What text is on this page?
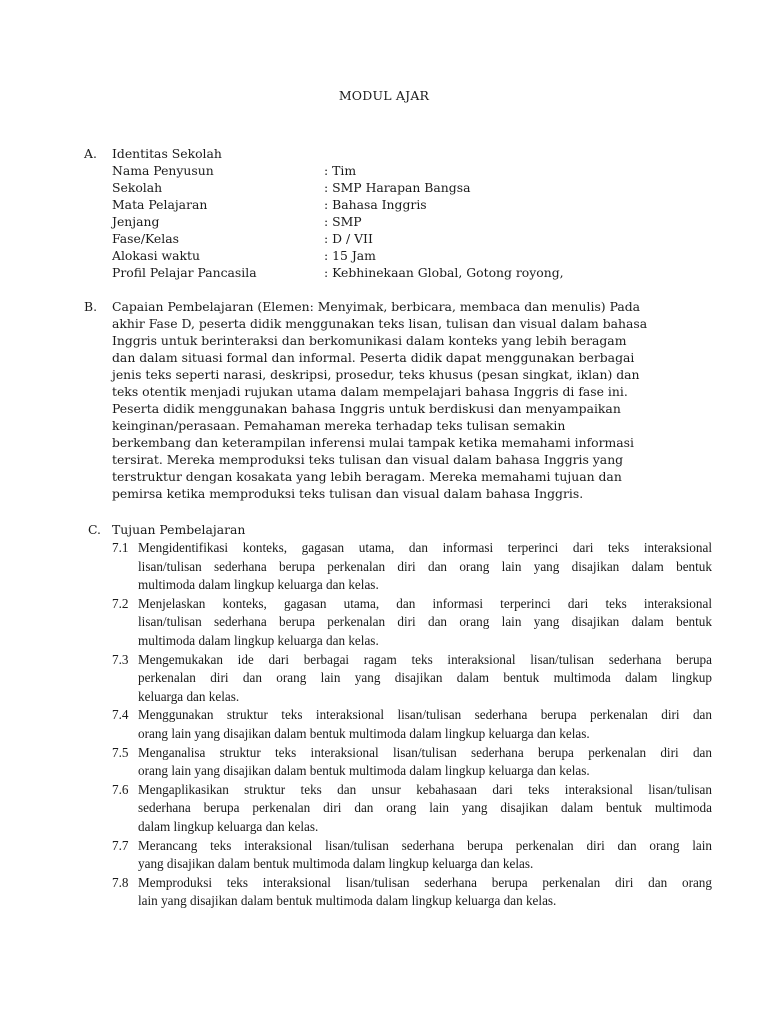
MODUL AJAR
A.	Identitas Sekolah
Nama Penyusun	: Tim
Sekolah	: SMP Harapan Bangsa
Mata Pelajaran	: Bahasa Inggris
Jenjang	: SMP
Fase/Kelas	: D / VII
Alokasi waktu	: 15 Jam
Profil Pelajar Pancasila	: Kebhinekaan Global, Gotong royong,
B.	Capaian Pembelajaran (Elemen: Menyimak, berbicara, membaca dan menulis) Pada
akhir Fase D, peserta didik menggunakan teks lisan, tulisan dan visual dalam bahasa
Inggris untuk berinteraksi dan berkomunikasi dalam konteks yang lebih beragam
dan dalam situasi formal dan informal. Peserta didik dapat menggunakan berbagai
jenis teks seperti narasi, deskripsi, prosedur, teks khusus (pesan singkat, iklan) dan
teks otentik menjadi rujukan utama dalam mempelajari bahasa Inggris di fase ini.
Peserta didik menggunakan bahasa Inggris untuk berdiskusi dan menyampaikan
keinginan/perasaan. Pemahaman mereka terhadap teks tulisan semakin
berkembang dan keterampilan inferensi mulai tampak ketika memahami informasi
tersirat. Mereka memproduksi teks tulisan dan visual dalam bahasa Inggris yang
terstruktur dengan kosakata yang lebih beragam. Mereka memahami tujuan dan
pemirsa ketika memproduksi teks tulisan dan visual dalam bahasa Inggris.
C. Tujuan Pembelajaran
7.1 Mengidentifikasi konteks, gagasan utama, dan informasi terperinci dari teks interaksional
lisan/tulisan sederhana berupa perkenalan diri dan orang lain yang disajikan dalam bentuk
multimoda dalam lingkup keluarga dan kelas.
7.2 Menjelaskan konteks, gagasan utama, dan informasi terperinci dari teks interaksional
lisan/tulisan sederhana berupa perkenalan diri dan orang lain yang disajikan dalam bentuk
multimoda dalam lingkup keluarga dan kelas.
7.3 Mengemukakan ide dari berbagai ragam teks interaksional lisan/tulisan sederhana berupa
perkenalan diri dan orang lain yang disajikan dalam bentuk multimoda dalam lingkup
keluarga dan kelas.
7.4 Menggunakan struktur teks interaksional lisan/tulisan sederhana berupa perkenalan diri dan
orang lain yang disajikan dalam bentuk multimoda dalam lingkup keluarga dan kelas.
7.5 Menganalisa struktur teks interaksional lisan/tulisan sederhana berupa perkenalan diri dan
orang lain yang disajikan dalam bentuk multimoda dalam lingkup keluarga dan kelas.
7.6 Mengaplikasikan struktur teks dan unsur kebahasaan dari teks interaksional lisan/tulisan
sederhana berupa perkenalan diri dan orang lain yang disajikan dalam bentuk multimoda
dalam lingkup keluarga dan kelas.
7.7 Merancang teks interaksional lisan/tulisan sederhana berupa perkenalan diri dan orang lain
yang disajikan dalam bentuk multimoda dalam lingkup keluarga dan kelas.
7.8 Memproduksi teks interaksional lisan/tulisan sederhana berupa perkenalan diri dan orang
lain yang disajikan dalam bentuk multimoda dalam lingkup keluarga dan kelas.
